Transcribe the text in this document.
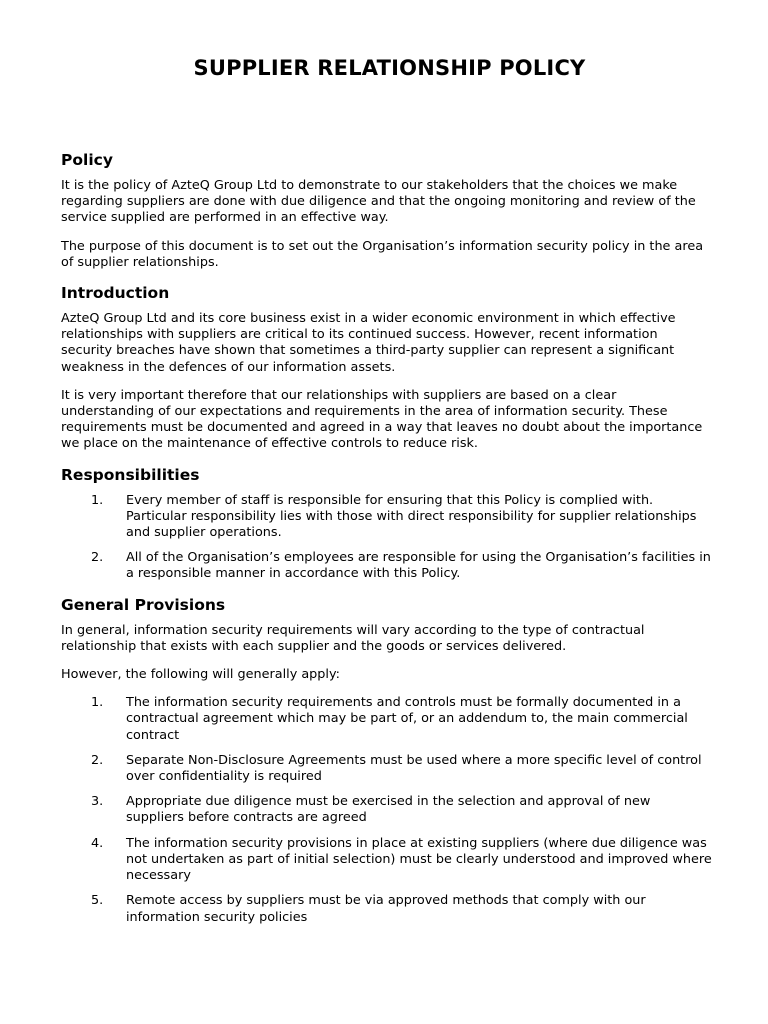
SUPPLIER RELATIONSHIP POLICY
Policy

It is the policy of AzteQ Group Ltd to demonstrate to our stakeholders that the choices we make regarding suppliers are done with due diligence and that the ongoing monitoring and review of the service supplied are performed in an effective way.

The purpose of this document is to set out the Organisation’s information security policy in the area of supplier relationships.

Introduction

AzteQ Group Ltd and its core business exist in a wider economic environment in which effective relationships with suppliers are critical to its continued success. However, recent information security breaches have shown that sometimes a third-party supplier can represent a significant weakness in the defences of our information assets.

It is very important therefore that our relationships with suppliers are based on a clear understanding of our expectations and requirements in the area of information security. These requirements must be documented and agreed in a way that leaves no doubt about the importance we place on the maintenance of effective controls to reduce risk.

Responsibilities
1. Every member of staff is responsible for ensuring that this Policy is complied with. Particular responsibility lies with those with direct responsibility for supplier relationships and supplier operations.
2. All of the Organisation’s employees are responsible for using the Organisation’s facilities in a responsible manner in accordance with this Policy.
General Provisions

In general, information security requirements will vary according to the type of contractual relationship that exists with each supplier and the goods or services delivered.

However, the following will generally apply:

1. The information security requirements and controls must be formally documented in a contractual agreement which may be part of, or an addendum to, the main commercial contract
2. Separate Non-Disclosure Agreements must be used where a more specific level of control over confidentiality is required
3. Appropriate due diligence must be exercised in the selection and approval of new suppliers before contracts are agreed
4. The information security provisions in place at existing suppliers (where due diligence was not undertaken as part of initial selection) must be clearly understood and improved where necessary
5. Remote access by suppliers must be via approved methods that comply with our information security policies
